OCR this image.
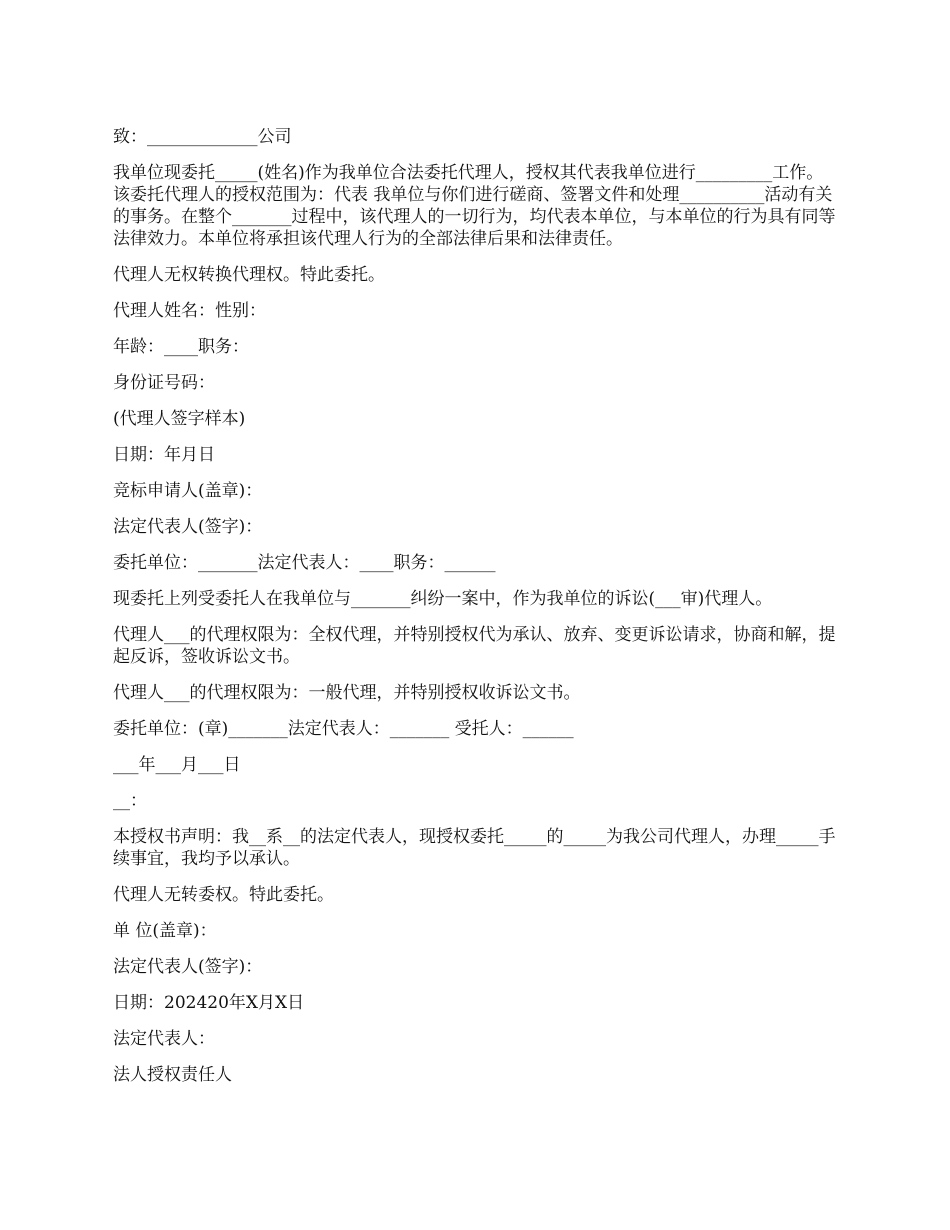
致：_____________公司

我单位现委托_____(姓名)作为我单位合法委托代理人，授权其代表我单位进行_________工作。该委托代理人的授权范围为：代表 我单位与你们进行磋商、签署文件和处理__________活动有关的事务。在整个_______过程中，该代理人的一切行为，均代表本单位，与本单位的行为具有同等法律效力。本单位将承担该代理人行为的全部法律后果和法律责任。

代理人无权转换代理权。特此委托。

代理人姓名：性别：

年龄：____职务：

身份证号码：

(代理人签字样本)

日期：年月日

竞标申请人(盖章)：

法定代表人(签字)：

委托单位：_______法定代表人：____职务：______

现委托上列受委托人在我单位与_______纠纷一案中，作为我单位的诉讼(___审)代理人。

代理人___的代理权限为：全权代理，并特别授权代为承认、放弃、变更诉讼请求，协商和解，提起反诉，签收诉讼文书。

代理人___的代理权限为：一般代理，并特别授权收诉讼文书。

委托单位：(章)_______法定代表人：_______ 受托人：______

___年___月___日

__：

本授权书声明：我__系__的法定代表人，现授权委托_____的_____为我公司代理人，办理_____手续事宜，我均予以承认。

代理人无转委权。特此委托。

单 位(盖章)：

法定代表人(签字)：

日期：202420年X月X日

法定代表人：

法人授权责任人
